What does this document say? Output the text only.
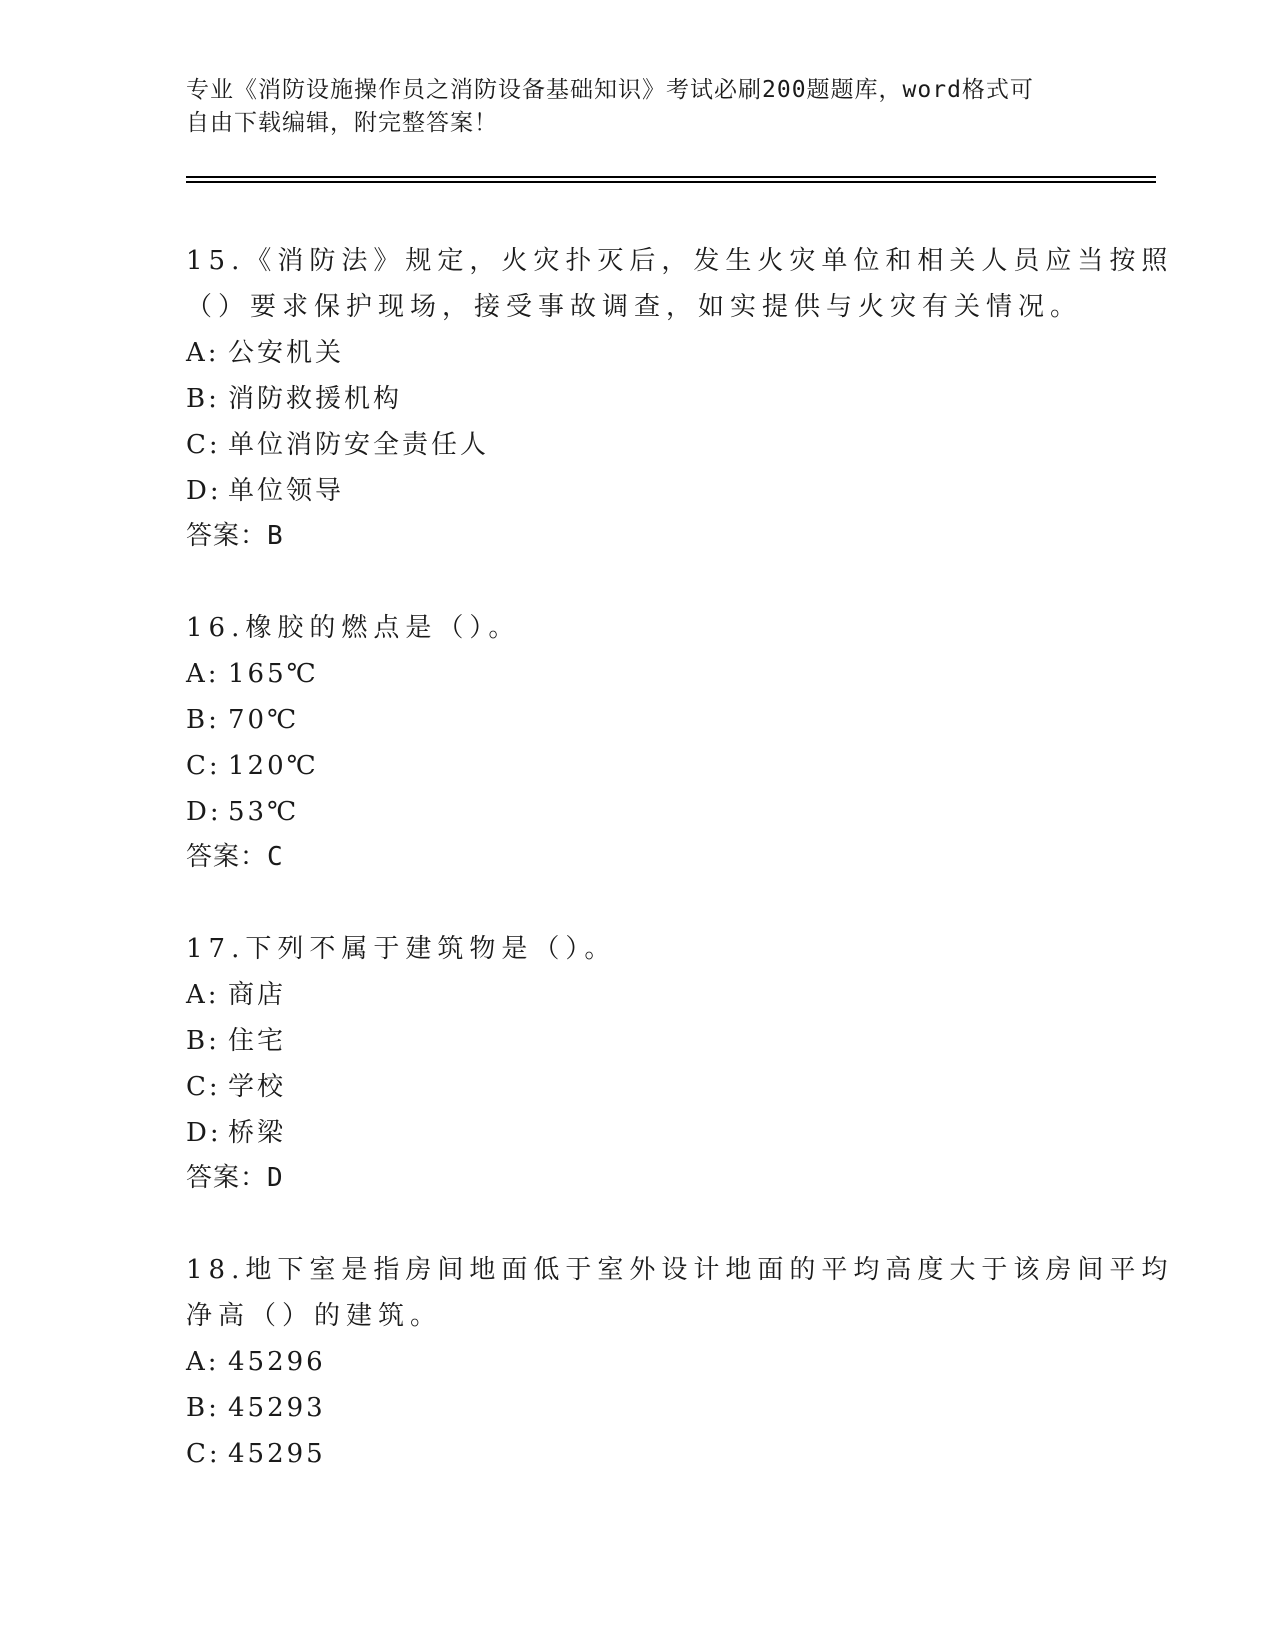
专业《消防设施操作员之消防设备基础知识》考试必刷200题题库，word格式可
自由下载编辑，附完整答案！
15.《消防法》规定，火灾扑灭后，发生火灾单位和相关人员应当按照
（）要求保护现场，接受事故调查，如实提供与火灾有关情况。
A: 公安机关
B: 消防救援机构
C: 单位消防安全责任人
D: 单位领导
答案：B
16.橡胶的燃点是（）。
A: 165℃
B: 70℃
C: 120℃
D: 53℃
答案：C
17.下列不属于建筑物是（）。
A: 商店
B: 住宅
C: 学校
D: 桥梁
答案：D
18.地下室是指房间地面低于室外设计地面的平均高度大于该房间平均
净高（）的建筑。
A: 45296
B: 45293
C: 45295
